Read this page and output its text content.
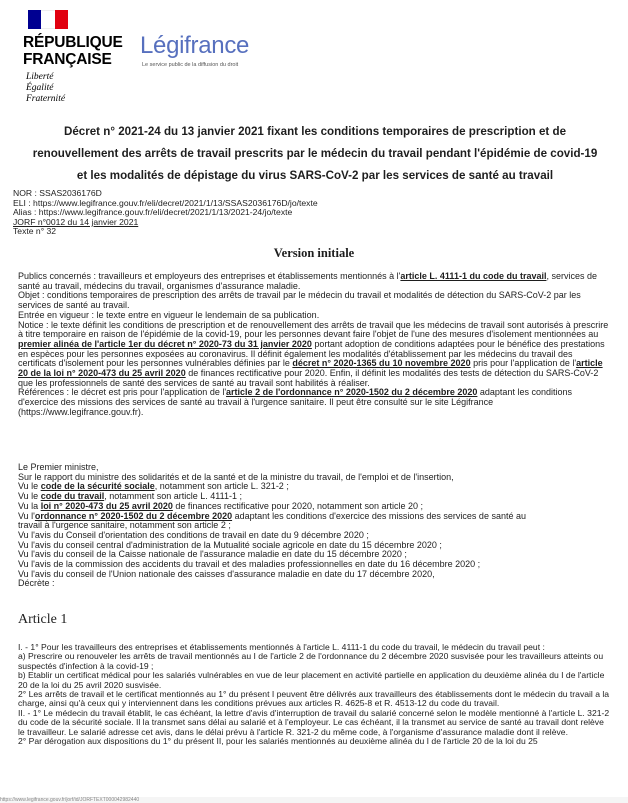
RÉPUBLIQUE
FRANÇAISE
Liberté
Égalité
Fraternité
Légifrance
Le service public de la diffusion du droit
Décret n° 2021-24 du 13 janvier 2021 fixant les conditions temporaires de prescription et de
renouvellement des arrêts de travail prescrits par le médecin du travail pendant l'épidémie de covid-19
et les modalités de dépistage du virus SARS-CoV-2 par les services de santé au travail
NOR : SSAS2036176D
ELI : https://www.legifrance.gouv.fr/eli/decret/2021/1/13/SSAS2036176D/jo/texte
Alias : https://www.legifrance.gouv.fr/eli/decret/2021/1/13/2021-24/jo/texte
JORF n°0012 du 14 janvier 2021
Texte n° 32
Version initiale

Publics concernés : travailleurs et employeurs des entreprises et établissements mentionnés à l'article L. 4111-1 du code du travail, services de santé au travail, médecins du travail, organismes d'assurance maladie.

Objet : conditions temporaires de prescription des arrêts de travail par le médecin du travail et modalités de détection du SARS-CoV-2 par les services de santé au travail.

Entrée en vigueur : le texte entre en vigueur le lendemain de sa publication.

Notice : le texte définit les conditions de prescription et de renouvellement des arrêts de travail que les médecins de travail sont autorisés à prescrire à titre temporaire en raison de l'épidémie de la covid-19, pour les personnes devant faire l'objet de l'une des mesures d'isolement mentionnées au premier alinéa de l'article 1er du décret n° 2020-73 du 31 janvier 2020 portant adoption de conditions adaptées pour le bénéfice des prestations en espèces pour les personnes exposées au coronavirus. Il définit également les modalités d'établissement par les médecins du travail des certificats d'isolement pour les personnes vulnérables définies par le décret n° 2020-1365 du 10 novembre 2020 pris pour l'application de l'article 20 de la loi n° 2020-473 du 25 avril 2020 de finances rectificative pour 2020. Enfin, il définit les modalités des tests de détection du SARS-CoV-2 que les professionnels de santé des services de santé au travail sont habilités à réaliser.

Références : le décret est pris pour l'application de l'article 2 de l'ordonnance n° 2020-1502 du 2 décembre 2020 adaptant les conditions d'exercice des missions des services de santé au travail à l'urgence sanitaire. Il peut être consulté sur le site Légifrance (https://www.legifrance.gouv.fr).

Le Premier ministre,
Sur le rapport du ministre des solidarités et de la santé et de la ministre du travail, de l'emploi et de l'insertion,
Vu le code de la sécurité sociale, notamment son article L. 321-2 ;
Vu le code du travail, notamment son article L. 4111-1 ;
Vu la loi n° 2020-473 du 25 avril 2020 de finances rectificative pour 2020, notamment son article 20 ;
Vu l'ordonnance n° 2020-1502 du 2 décembre 2020 adaptant les conditions d'exercice des missions des services de santé au
travail à l'urgence sanitaire, notamment son article 2 ;
Vu l'avis du Conseil d'orientation des conditions de travail en date du 9 décembre 2020 ;
Vu l'avis du conseil central d'administration de la Mutualité sociale agricole en date du 15 décembre 2020 ;
Vu l'avis du conseil de la Caisse nationale de l'assurance maladie en date du 15 décembre 2020 ;
Vu l'avis de la commission des accidents du travail et des maladies professionnelles en date du 16 décembre 2020 ;
Vu l'avis du conseil de l'Union nationale des caisses d'assurance maladie en date du 17 décembre 2020,
Décrète :
Article 1

I. - 1° Pour les travailleurs des entreprises et établissements mentionnés à l'article L. 4111-1 du code du travail, le médecin du travail peut :

a) Prescrire ou renouveler les arrêts de travail mentionnés au I de l'article 2 de l'ordonnance du 2 décembre 2020 susvisée pour les travailleurs atteints ou suspectés d'infection à la covid-19 ;

b) Etablir un certificat médical pour les salariés vulnérables en vue de leur placement en activité partielle en application du deuxième alinéa du I de l'article 20 de la loi du 25 avril 2020 susvisée.

2° Les arrêts de travail et le certificat mentionnés au 1° du présent I peuvent être délivrés aux travailleurs des établissements dont le médecin du travail a la charge, ainsi qu'à ceux qui y interviennent dans les conditions prévues aux articles R. 4625-8 et R. 4513-12 du code du travail.

II. - 1° Le médecin du travail établit, le cas échéant, la lettre d'avis d'interruption de travail du salarié concerné selon le modèle mentionné à l'article L. 321-2 du code de la sécurité sociale. Il la transmet sans délai au salarié et à l'employeur. Le cas échéant, il la transmet au service de santé au travail dont relève le travailleur. Le salarié adresse cet avis, dans le délai prévu à l'article R. 321-2 du même code, à l'organisme d'assurance maladie dont il relève.

2° Par dérogation aux dispositions du 1° du présent II, pour les salariés mentionnés au deuxième alinéa du I de l'article 20 de la loi du 25

https://www.legifrance.gouv.fr/jorf/id/JORFTEXT000042982440
